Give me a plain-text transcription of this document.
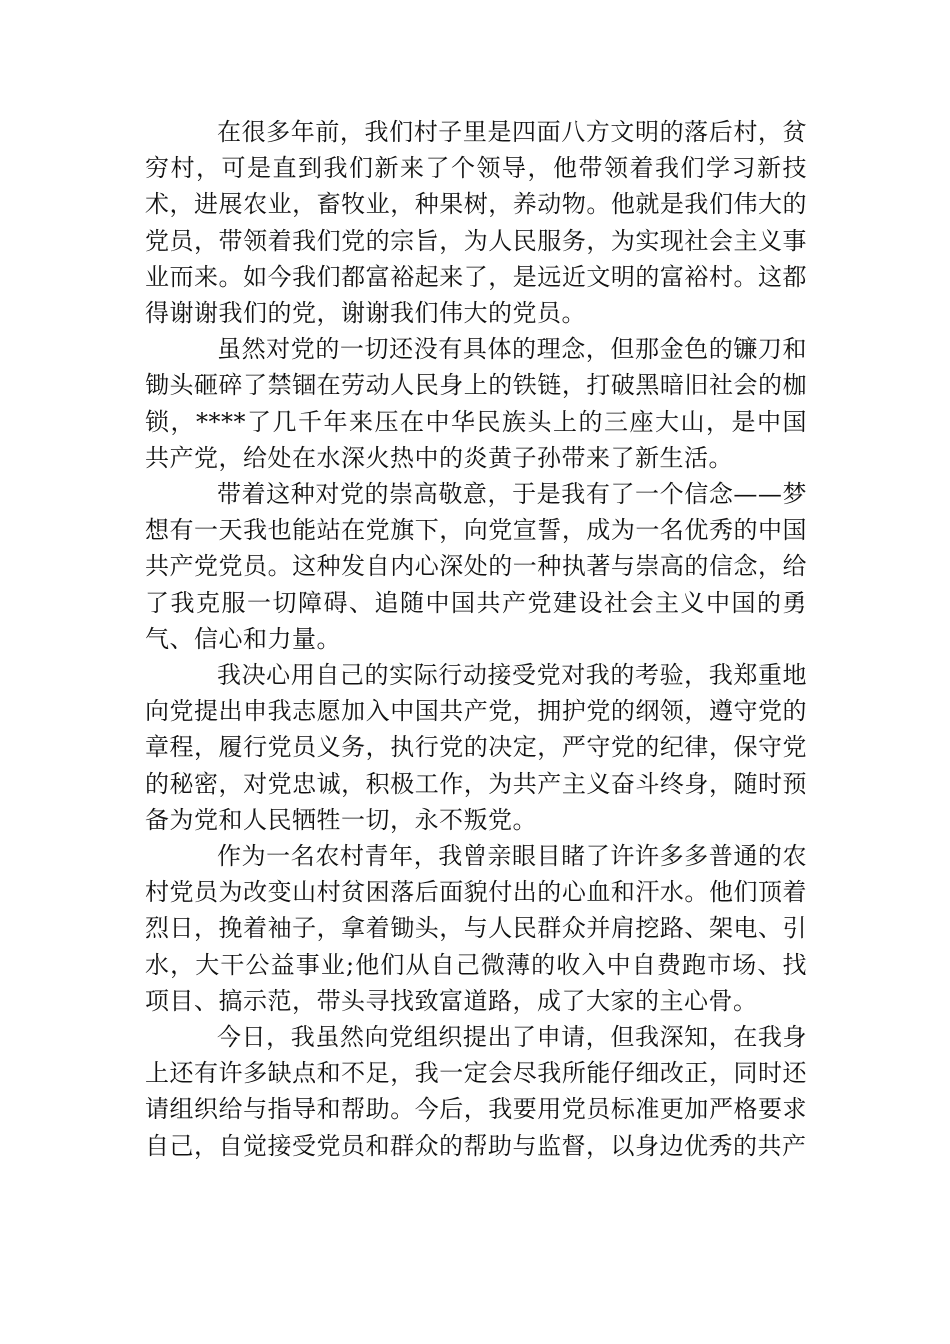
在很多年前，我们村子里是四面八方文明的落后村，贫穷村，可是直到我们新来了个领导，他带领着我们学习新技术，进展农业，畜牧业，种果树，养动物。他就是我们伟大的党员，带领着我们党的宗旨，为人民服务，为实现社会主义事业而来。如今我们都富裕起来了，是远近文明的富裕村。这都得谢谢我们的党，谢谢我们伟大的党员。

虽然对党的一切还没有具体的理念，但那金色的镰刀和锄头砸碎了禁锢在劳动人民身上的铁链，打破黑暗旧社会的枷锁，****了几千年来压在中华民族头上的三座大山，是中国共产党，给处在水深火热中的炎黄子孙带来了新生活。

带着这种对党的崇高敬意，于是我有了一个信念——梦想有一天我也能站在党旗下，向党宣誓，成为一名优秀的中国共产党党员。这种发自内心深处的一种执著与崇高的信念，给了我克服一切障碍、追随中国共产党建设社会主义中国的勇气、信心和力量。

我决心用自己的实际行动接受党对我的考验，我郑重地向党提出申我志愿加入中国共产党，拥护党的纲领，遵守党的章程，履行党员义务，执行党的决定，严守党的纪律，保守党的秘密，对党忠诚，积极工作，为共产主义奋斗终身，随时预备为党和人民牺牲一切，永不叛党。

作为一名农村青年，我曾亲眼目睹了许许多多普通的农村党员为改变山村贫困落后面貌付出的心血和汗水。他们顶着烈日，挽着袖子，拿着锄头，与人民群众并肩挖路、架电、引水，大干公益事业;他们从自己微薄的收入中自费跑市场、找项目、搞示范，带头寻找致富道路，成了大家的主心骨。

今日，我虽然向党组织提出了申请，但我深知，在我身上还有许多缺点和不足，我一定会尽我所能仔细改正，同时还请组织给与指导和帮助。今后，我要用党员标准更加严格要求自己，自觉接受党员和群众的帮助与监督，以身边优秀的共产
